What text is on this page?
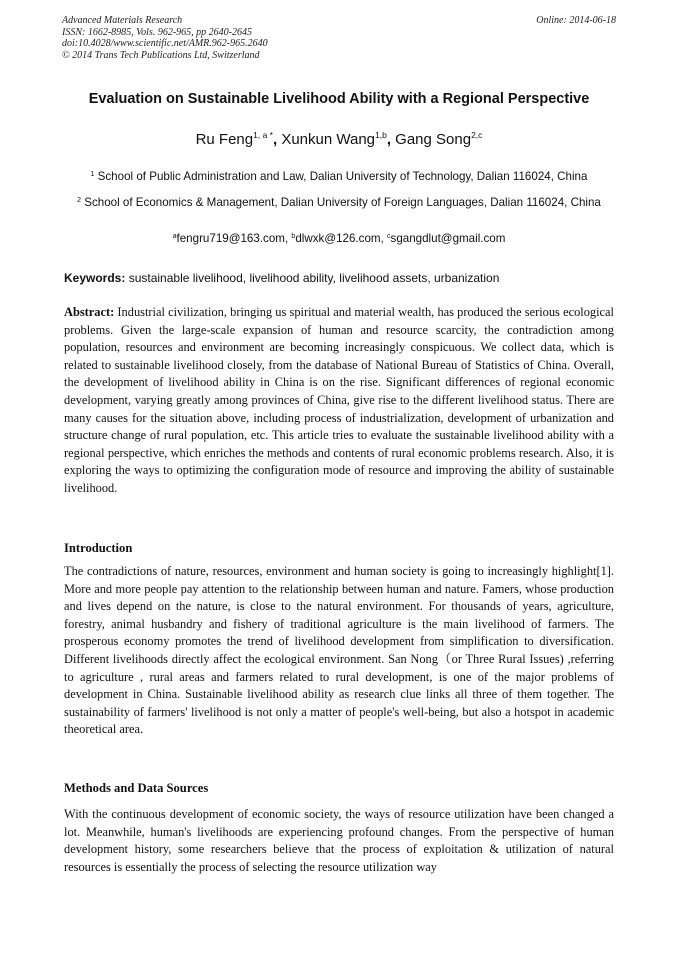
Advanced Materials Research
ISSN: 1662-8985, Vols. 962-965, pp 2640-2645
doi:10.4028/www.scientific.net/AMR.962-965.2640
© 2014 Trans Tech Publications Ltd, Switzerland
Online: 2014-06-18
Evaluation on Sustainable Livelihood Ability with a Regional Perspective
Ru Feng$^{1, a *}$, Xunkun Wang$^{1,b}$, Gang Song$^{2,c}$
$^1$ School of Public Administration and Law, Dalian University of Technology, Dalian 116024, China
$^2$ School of Economics & Management, Dalian University of Foreign Languages, Dalian 116024, China
$^a$fengru719@163.com, $^b$dlwxk@126.com, $^c$sgangdlut@gmail.com
Keywords: sustainable livelihood, livelihood ability, livelihood assets, urbanization
Abstract: Industrial civilization, bringing us spiritual and material wealth, has produced the serious ecological problems. Given the large-scale expansion of human and resource scarcity, the contradiction among population, resources and environment are becoming increasingly conspicuous. We collect data, which is related to sustainable livelihood closely, from the database of National Bureau of Statistics of China. Overall, the development of livelihood ability in China is on the rise. Significant differences of regional economic development, varying greatly among provinces of China, give rise to the different livelihood status. There are many causes for the situation above, including process of industrialization, development of urbanization and structure change of rural population, etc. This article tries to evaluate the sustainable livelihood ability with a regional perspective, which enriches the methods and contents of rural economic problems research. Also, it is exploring the ways to optimizing the configuration mode of resource and improving the ability of sustainable livelihood.
Introduction
The contradictions of nature, resources, environment and human society is going to increasingly highlight[1]. More and more people pay attention to the relationship between human and nature. Famers, whose production and lives depend on the nature, is close to the natural environment. For thousands of years, agriculture, forestry, animal husbandry and fishery of traditional agriculture is the main livelihood of farmers. The prosperous economy promotes the trend of livelihood development from simplification to diversification. Different livelihoods directly affect the ecological environment. San Nong（or Three Rural Issues) ,referring to agriculture , rural areas and farmers related to rural development, is one of the major problems of development in China. Sustainable livelihood ability as research clue links all three of them together. The sustainability of farmers' livelihood is not only a matter of people's well-being, but also a hotspot in academic theoretical area.
Methods and Data Sources
With the continuous development of economic society, the ways of resource utilization have been changed a lot. Meanwhile, human's livelihoods are experiencing profound changes. From the perspective of human development history, some researchers believe that the process of exploitation & utilization of natural resources is essentially the process of selecting the resource utilization way
